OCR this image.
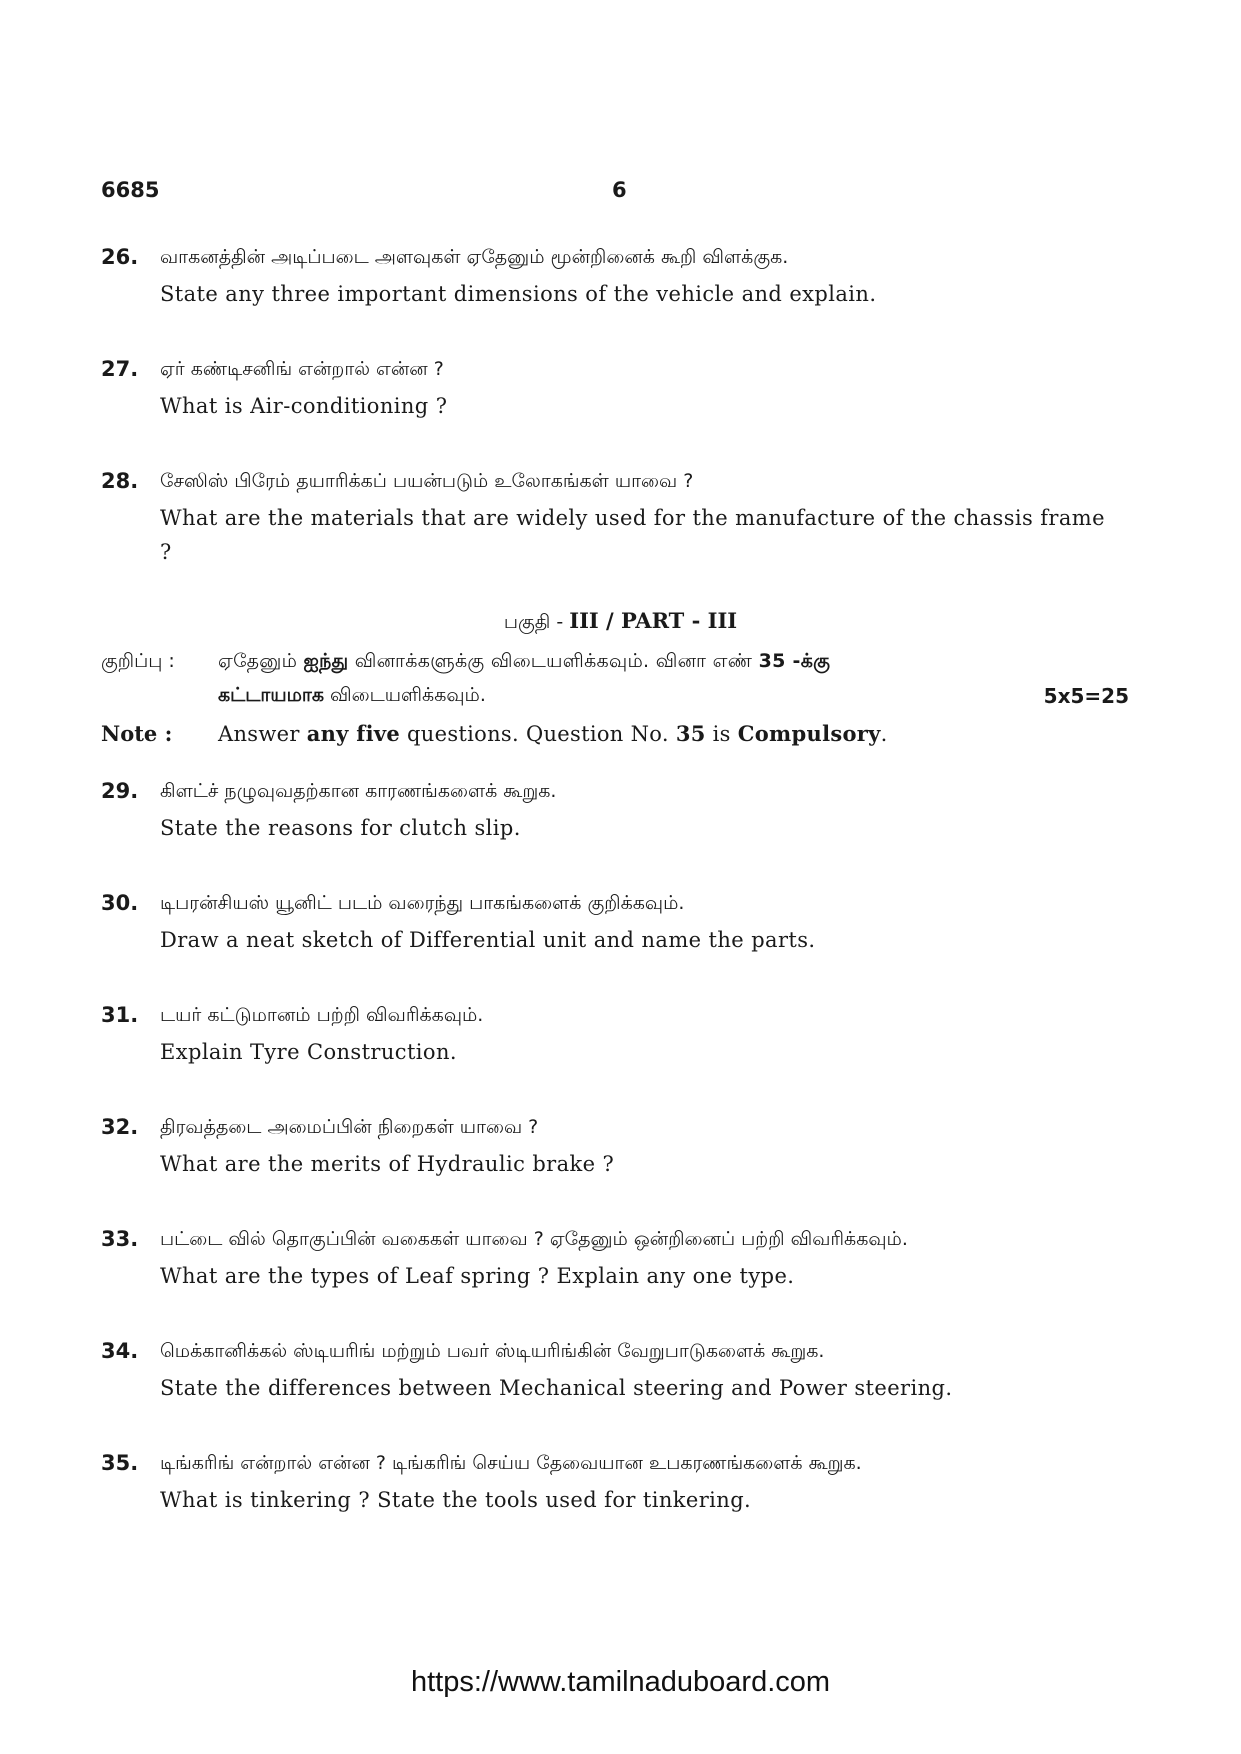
6685	6
26. வாகனத்தின் அடிப்படை அளவுகள் ஏதேனும் மூன்றினைக் கூறி விளக்குக.
State any three important dimensions of the vehicle and explain.
27. ஏர் கண்டிசனிங் என்றால் என்ன ?
What is Air-conditioning ?
28. சேஸிஸ் பிரேம் தயாரிக்கப் பயன்படும் உலோகங்கள் யாவை ?
What are the materials that are widely used for the manufacture of the chassis frame ?
பகுதி - III / PART - III
குறிப்பு : ஏதேனும் ஐந்து வினாக்களுக்கு விடையளிக்கவும். வினா எண் 35 -க்கு
கட்டாயமாக விடையளிக்கவும்.	5x5=25
Note : Answer any five questions. Question No. 35 is Compulsory.
29. கிளட்ச் நழுவுவதற்கான காரணங்களைக் கூறுக.
State the reasons for clutch slip.
30. டிபரன்சியஸ் யூனிட் படம் வரைந்து பாகங்களைக் குறிக்கவும்.
Draw a neat sketch of Differential unit and name the parts.
31. டயர் கட்டுமானம் பற்றி விவரிக்கவும்.
Explain Tyre Construction.
32. திரவத்தடை அமைப்பின் நிறைகள் யாவை ?
What are the merits of Hydraulic brake ?
33. பட்டை வில் தொகுப்பின் வகைகள் யாவை ? ஏதேனும் ஒன்றினைப் பற்றி விவரிக்கவும்.
What are the types of Leaf spring ? Explain any one type.
34. மெக்கானிக்கல் ஸ்டியரிங் மற்றும் பவர் ஸ்டியரிங்கின் வேறுபாடுகளைக் கூறுக.
State the differences between Mechanical steering and Power steering.
35. டிங்கரிங் என்றால் என்ன ? டிங்கரிங் செய்ய தேவையான உபகரணங்களைக் கூறுக.
What is tinkering ? State the tools used for tinkering.
https://www.tamilnaduboard.com
